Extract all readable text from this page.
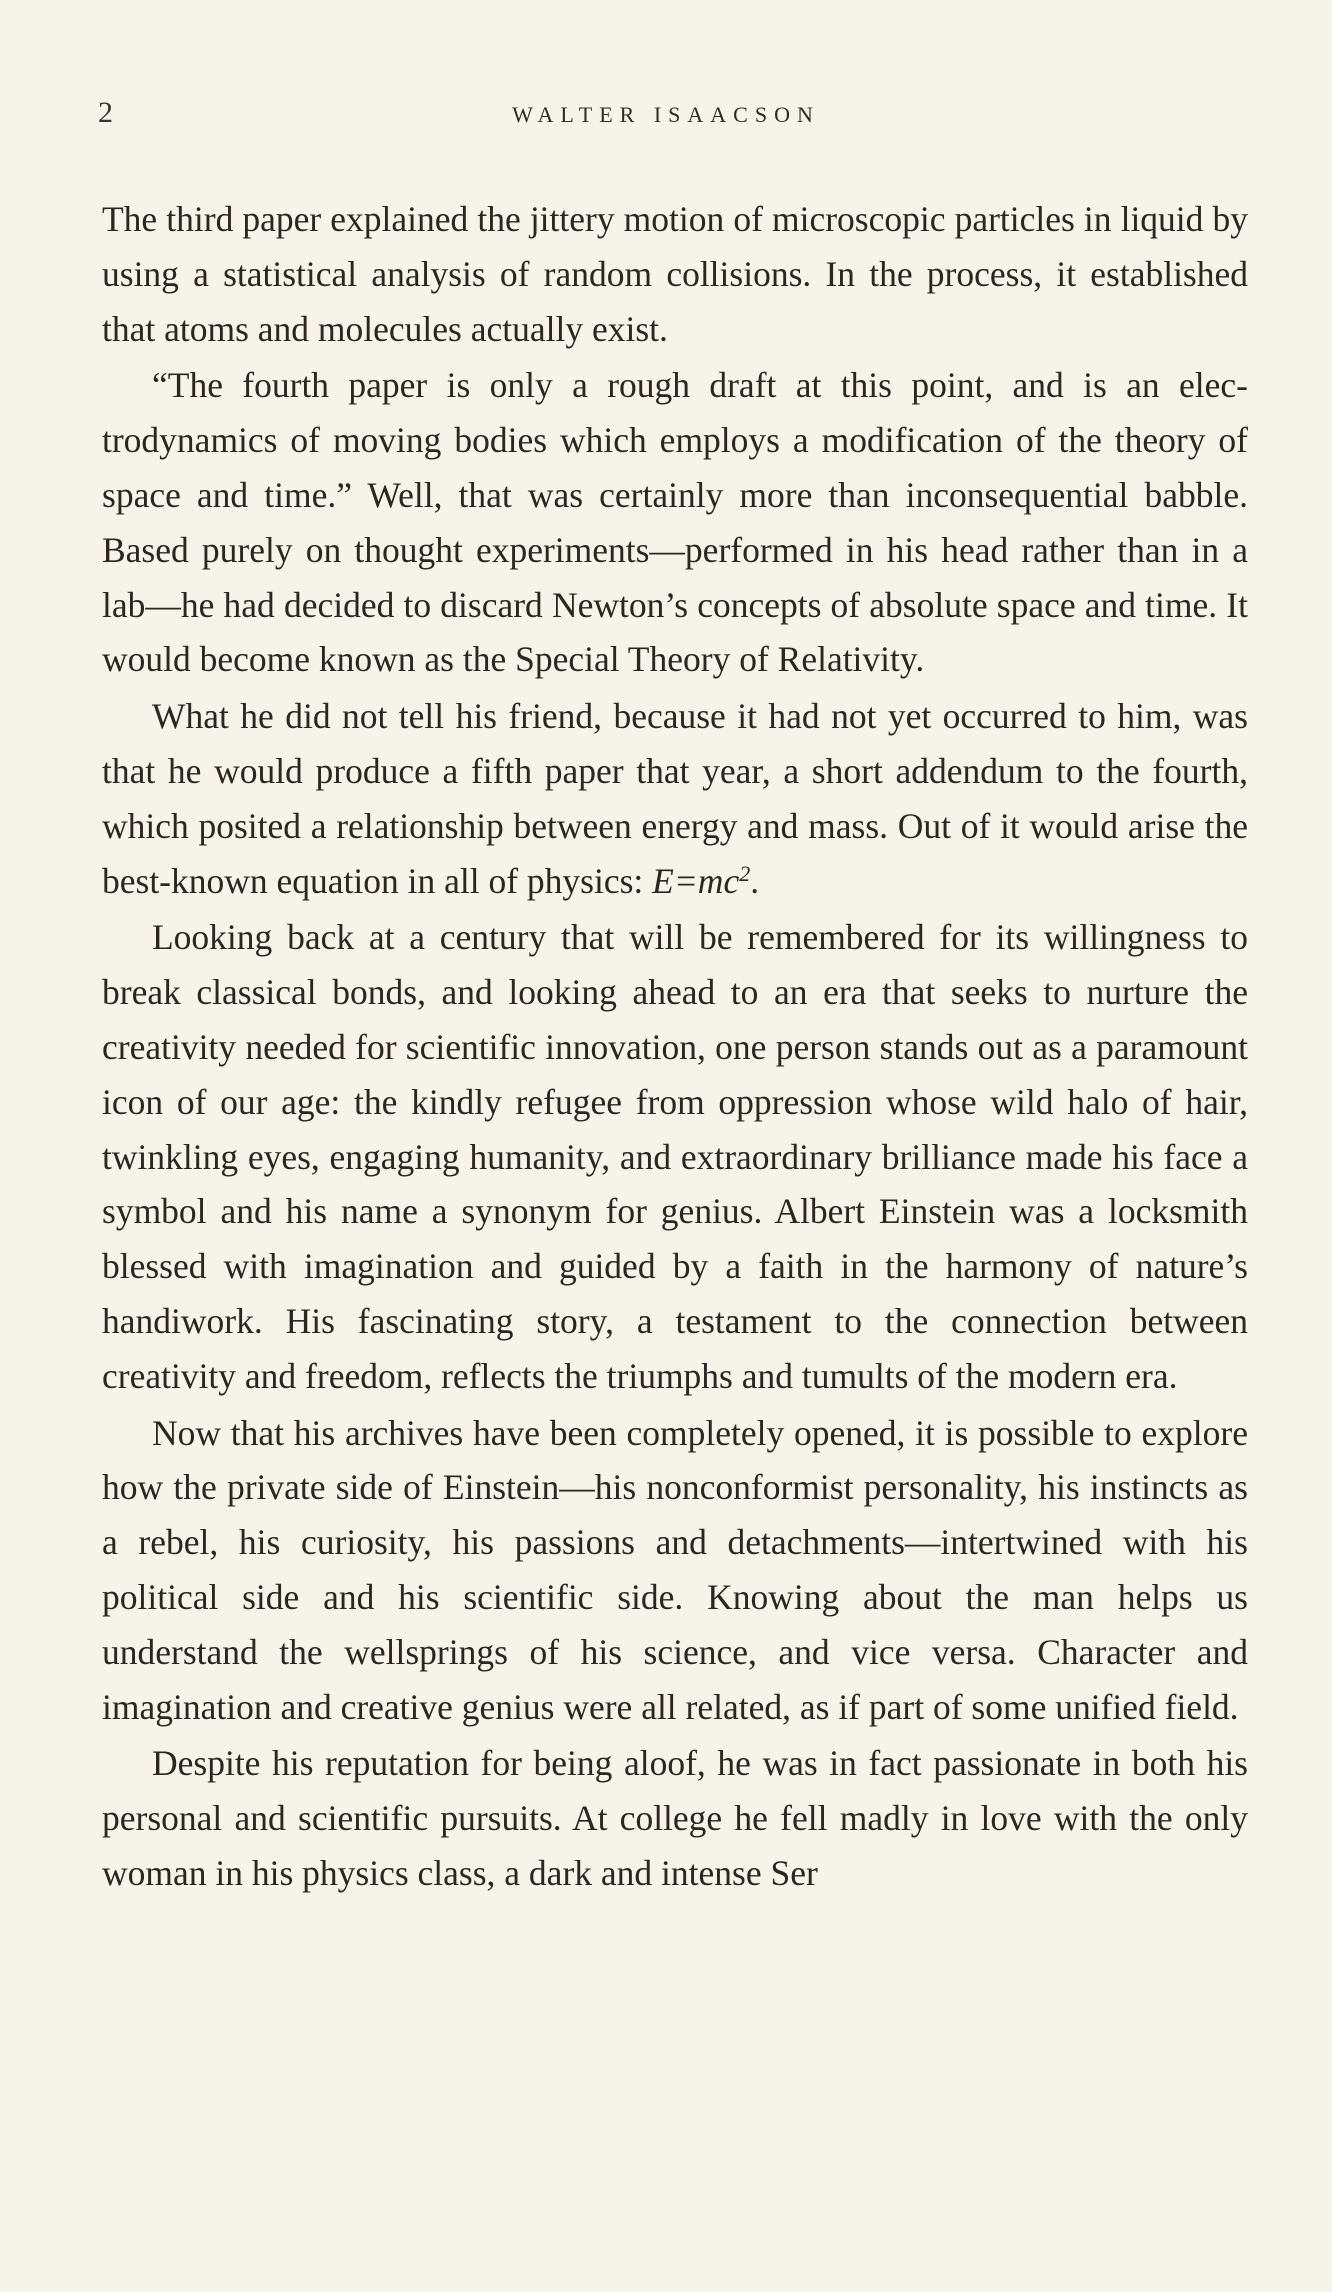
2	WALTER ISAACSON

The third paper explained the jittery motion of microscopic particles in liquid by using a statistical analysis of random collisions. In the process, it established that atoms and molecules actually exist.

“The fourth paper is only a rough draft at this point, and is an electrodynamics of moving bodies which employs a modification of the theory of space and time.” Well, that was certainly more than inconsequential babble. Based purely on thought experiments—performed in his head rather than in a lab—he had decided to discard Newton’s concepts of absolute space and time. It would become known as the Special Theory of Relativity.

What he did not tell his friend, because it had not yet occurred to him, was that he would produce a fifth paper that year, a short addendum to the fourth, which posited a relationship between energy and mass. Out of it would arise the best-known equation in all of physics: $E=mc^2$.

Looking back at a century that will be remembered for its willingness to break classical bonds, and looking ahead to an era that seeks to nurture the creativity needed for scientific innovation, one person stands out as a paramount icon of our age: the kindly refugee from oppression whose wild halo of hair, twinkling eyes, engaging humanity, and extraordinary brilliance made his face a symbol and his name a synonym for genius. Albert Einstein was a locksmith blessed with imagination and guided by a faith in the harmony of nature’s handiwork. His fascinating story, a testament to the connection between creativity and freedom, reflects the triumphs and tumults of the modern era.

Now that his archives have been completely opened, it is possible to explore how the private side of Einstein—his nonconformist personality, his instincts as a rebel, his curiosity, his passions and detachments—intertwined with his political side and his scientific side. Knowing about the man helps us understand the wellsprings of his science, and vice versa. Character and imagination and creative genius were all related, as if part of some unified field.

Despite his reputation for being aloof, he was in fact passionate in both his personal and scientific pursuits. At college he fell madly in love with the only woman in his physics class, a dark and intense Ser
